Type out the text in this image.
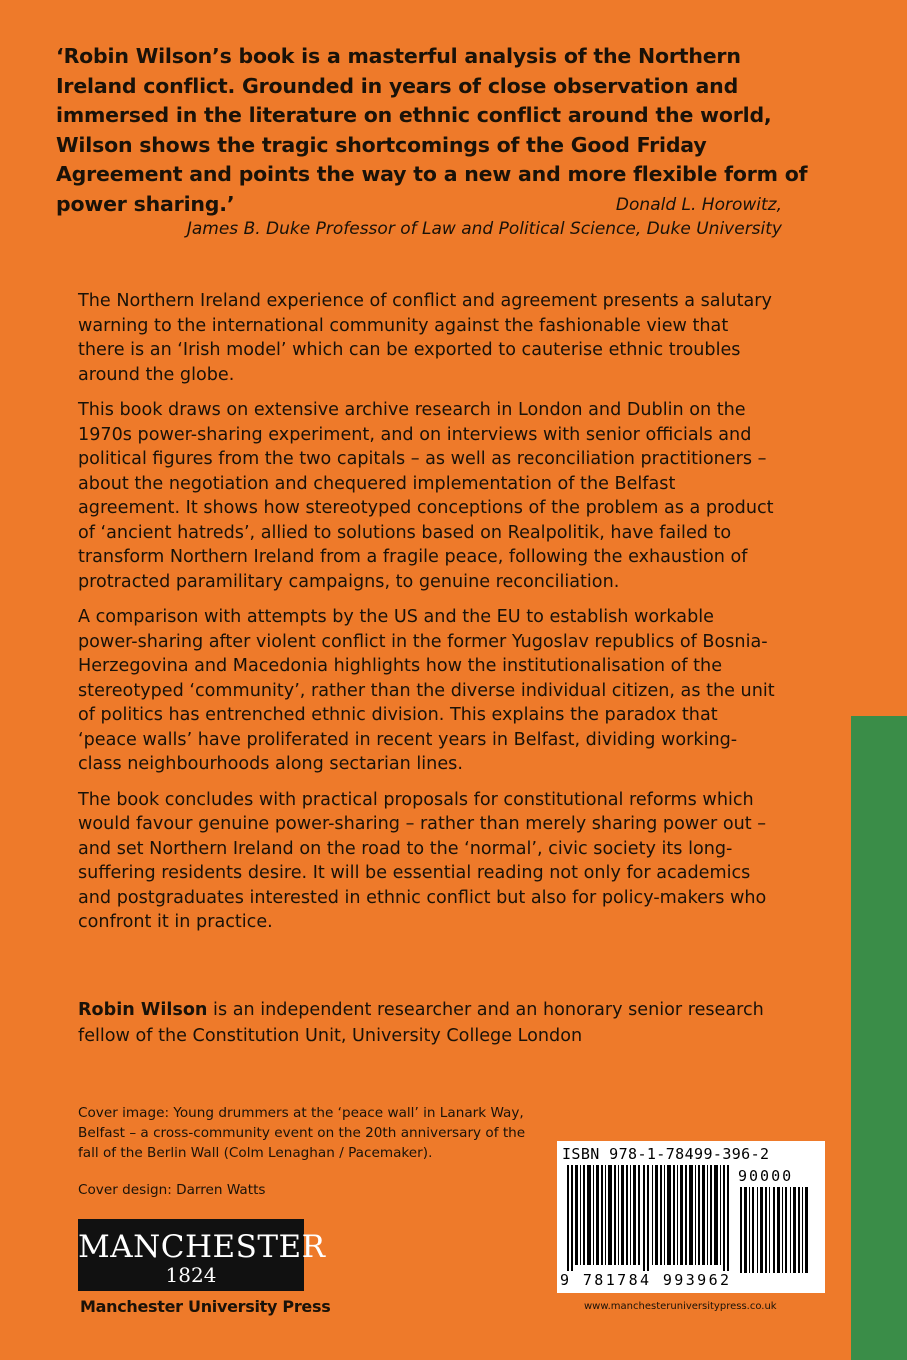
‘Robin Wilson’s book is a masterful analysis of the Northern Ireland conflict. Grounded in years of close observation and immersed in the literature on ethnic conflict around the world, Wilson shows the tragic shortcomings of the Good Friday Agreement and points the way to a new and more flexible form of power sharing.’	Donald L. Horowitz,
James B. Duke Professor of Law and Political Science, Duke University

The Northern Ireland experience of conflict and agreement presents a salutary warning to the international community against the fashionable view that there is an ‘Irish model’ which can be exported to cauterise ethnic troubles around the globe.

This book draws on extensive archive research in London and Dublin on the 1970s power-sharing experiment, and on interviews with senior officials and political figures from the two capitals – as well as reconciliation practitioners – about the negotiation and chequered implementation of the Belfast agreement. It shows how stereotyped conceptions of the problem as a product of ‘ancient hatreds’, allied to solutions based on Realpolitik, have failed to transform Northern Ireland from a fragile peace, following the exhaustion of protracted paramilitary campaigns, to genuine reconciliation.

A comparison with attempts by the US and the EU to establish workable power-sharing after violent conflict in the former Yugoslav republics of Bosnia-Herzegovina and Macedonia highlights how the institutionalisation of the stereotyped ‘community’, rather than the diverse individual citizen, as the unit of politics has entrenched ethnic division. This explains the paradox that ‘peace walls’ have proliferated in recent years in Belfast, dividing working-class neighbourhoods along sectarian lines.

The book concludes with practical proposals for constitutional reforms which would favour genuine power-sharing – rather than merely sharing power out – and set Northern Ireland on the road to the ‘normal’, civic society its long-suffering residents desire. It will be essential reading not only for academics and postgraduates interested in ethnic conflict but also for policy-makers who confront it in practice.

Robin Wilson is an independent researcher and an honorary senior research fellow of the Constitution Unit, University College London
Cover image: Young drummers at the ‘peace wall’ in Lanark Way, Belfast – a cross-community event on the 20th anniversary of the fall of the Berlin Wall (Colm Lenaghan / Pacemaker).
Cover design: Darren Watts
MANCHESTER
1824
Manchester University Press
ISBN 978-1-78499-396-2
90000
9 781784 993962
www.manchesteruniversitypress.co.uk
